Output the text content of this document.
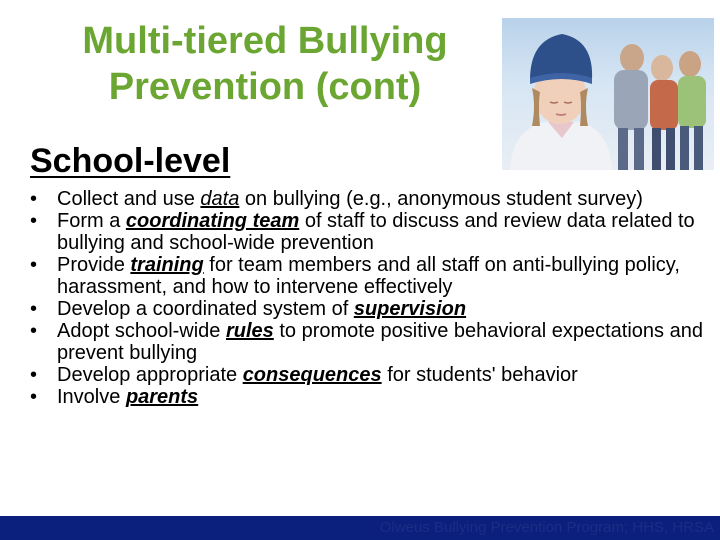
Multi-tiered Bullying
Prevention (cont)
School-level
• Collect and use data on bullying (e.g., anonymous student survey)
• Form a coordinating team of staff to discuss and review data related to bullying and school-wide prevention
• Provide training for team members and all staff on anti-bullying policy, harassment, and how to intervene effectively
• Develop a coordinated system of supervision
• Adopt school-wide rules to promote positive behavioral expectations and prevent bullying
• Develop appropriate consequences for students' behavior
• Involve parents
Olweus Bullying Prevention Program; HHS, HRSA
